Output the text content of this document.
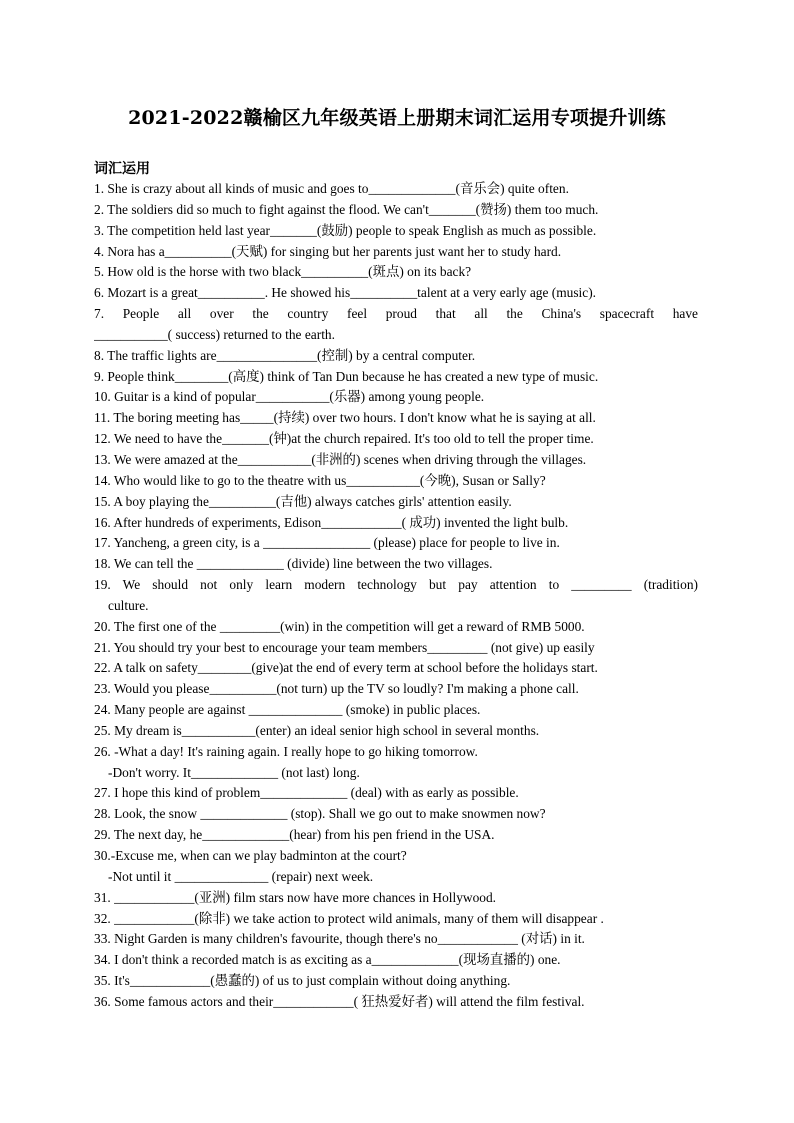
2021-2022赣榆区九年级英语上册期末词汇运用专项提升训练
词汇运用
1. She is crazy about all kinds of music and goes to_____________(音乐会) quite often.
2. The soldiers did so much to fight against the flood. We can't_______(赞扬) them too much.
3. The competition held last year_______(鼓励) people to speak English as much as possible.
4. Nora has a__________(天赋) for singing but her parents just want her to study hard.
5. How old is the horse with two black__________(斑点) on its back?
6. Mozart is a great__________. He showed his__________talent at a very early age (music).
7. People all over the country feel proud that all the China's spacecraft have
___________( success) returned to the earth.
8. The traffic lights are_______________(控制) by a central computer.
9. People think________(高度) think of Tan Dun because he has created a new type of music.
10. Guitar is a kind of popular___________(乐器) among young people.
11. The boring meeting has_____(持续) over two hours. I don't know what he is saying at all.
12. We need to have the_______(钟)at the church repaired. It's too old to tell the proper time.
13. We were amazed at the___________(非洲的) scenes when driving through the villages.
14. Who would like to go to the theatre with us___________(今晚), Susan or Sally?
15. A boy playing the__________(吉他) always catches girls' attention easily.
16. After hundreds of experiments, Edison____________( 成功) invented the light bulb.
17. Yancheng, a green city, is a ________________ (please) place for people to live in.
18. We can tell the _____________ (divide) line between the two villages.
19. We should not only learn modern technology but pay attention to _________ (tradition)
culture.
20. The first one of the _________(win) in the competition will get a reward of RMB 5000.
21. You should try your best to encourage your team members_________ (not give) up easily
22. A talk on safety________(give)at the end of every term at school before the holidays start.
23. Would you please__________(not turn) up the TV so loudly? I'm making a phone call.
24. Many people are against ______________ (smoke) in public places.
25. My dream is___________(enter) an ideal senior high school in several months.
26. -What a day! It's raining again. I really hope to go hiking tomorrow.
-Don't worry. It_____________ (not last) long.
27. I hope this kind of problem_____________ (deal) with as early as possible.
28. Look, the snow _____________ (stop). Shall we go out to make snowmen now?
29. The next day, he_____________(hear) from his pen friend in the USA.
30.-Excuse me, when can we play badminton at the court?
-Not until it ______________ (repair) next week.
31. ____________(亚洲) film stars now have more chances in Hollywood.
32. ____________(除非) we take action to protect wild animals, many of them will disappear .
33. Night Garden is many children's favourite, though there's no____________ (对话) in it.
34. I don't think a recorded match is as exciting as a_____________(现场直播的) one.
35. It's____________(愚蠢的) of us to just complain without doing anything.
36. Some famous actors and their____________( 狂热爱好者) will attend the film festival.
